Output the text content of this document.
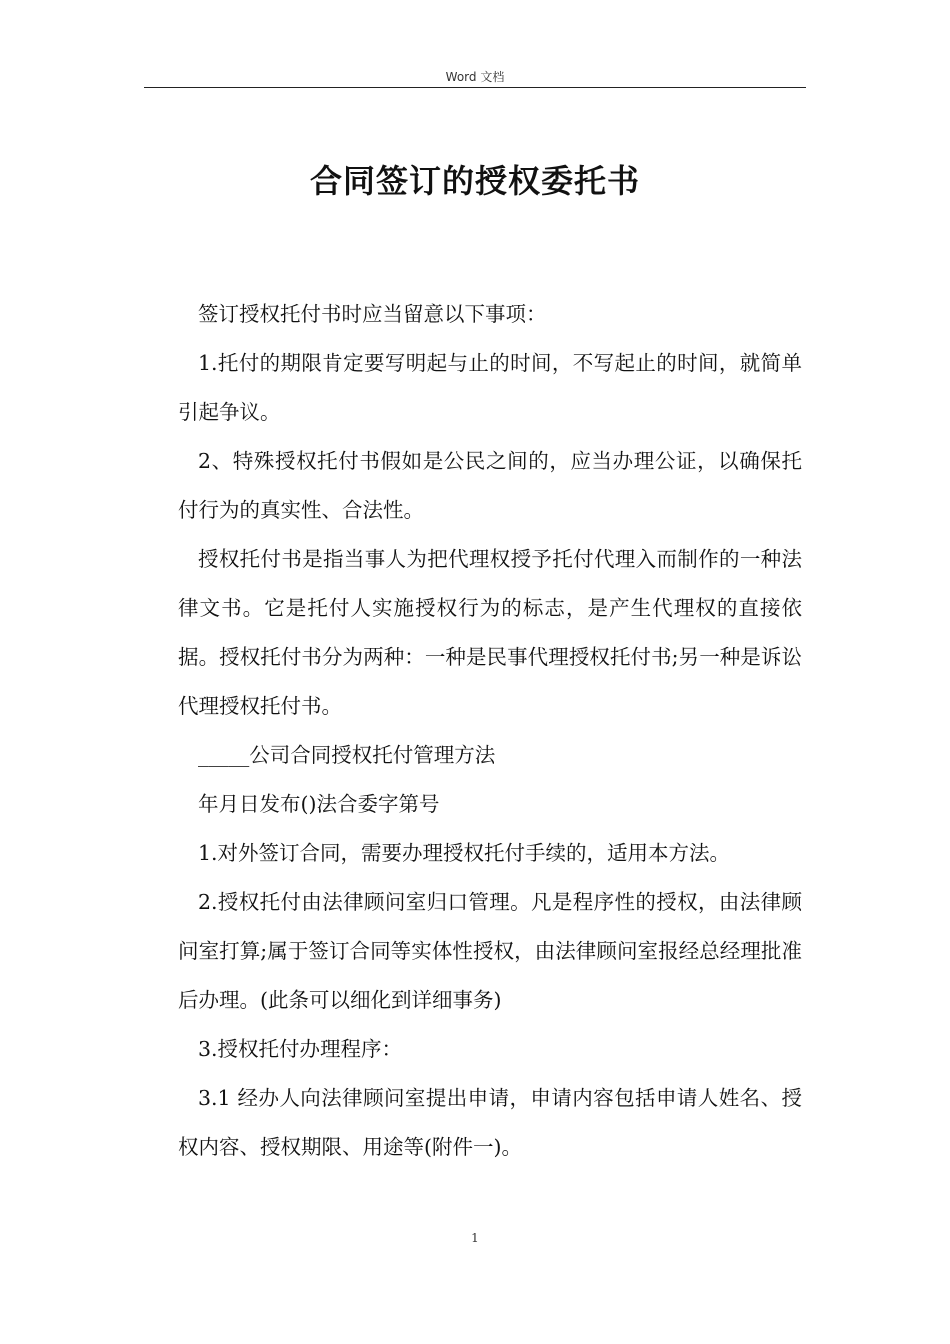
Word 文档
合同签订的授权委托书

签订授权托付书时应当留意以下事项：

1.托付的期限肯定要写明起与止的时间，不写起止的时间，就简单引起争议。

2、特殊授权托付书假如是公民之间的，应当办理公证，以确保托付行为的真实性、合法性。

授权托付书是指当事人为把代理权授予托付代理入而制作的一种法律文书。它是托付人实施授权行为的标志，是产生代理权的直接依据。授权托付书分为两种：一种是民事代理授权托付书;另一种是诉讼代理授权托付书。

_____公司合同授权托付管理方法

年月日发布()法合委字第号

1.对外签订合同，需要办理授权托付手续的，适用本方法。

2.授权托付由法律顾问室归口管理。凡是程序性的授权，由法律顾问室打算;属于签订合同等实体性授权，由法律顾问室报经总经理批准后办理。(此条可以细化到详细事务)

3.授权托付办理程序：

3.1 经办人向法律顾问室提出申请，申请内容包括申请人姓名、授权内容、授权期限、用途等(附件一)。

1
